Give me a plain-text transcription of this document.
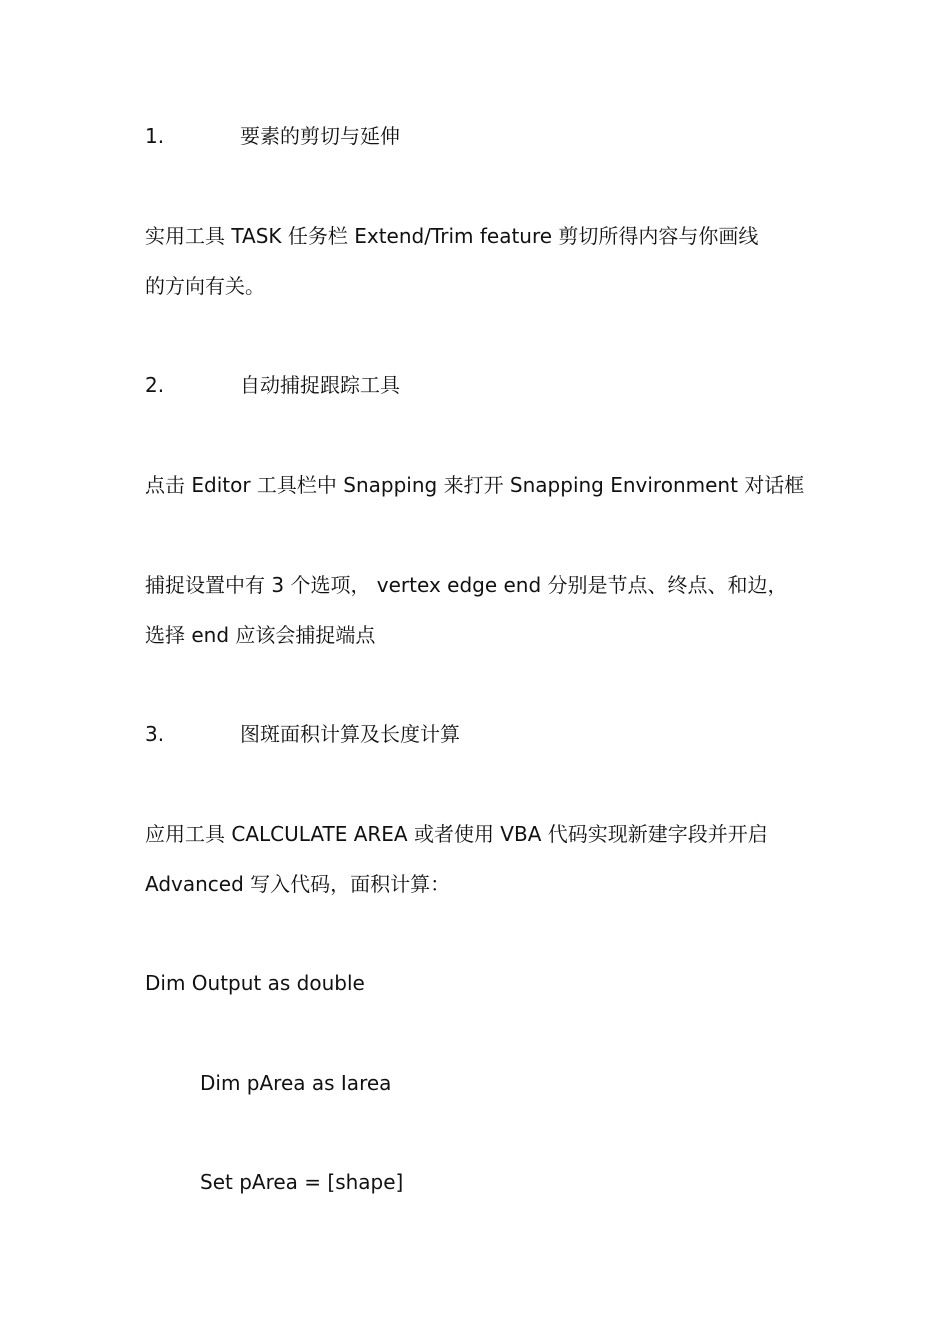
1.	要素的剪切与延伸

实用工具 TASK 任务栏 Extend/Trim feature 剪切所得内容与你画线

的方向有关。

2.	自动捕捉跟踪工具

点击 Editor 工具栏中 Snapping 来打开 Snapping Environment 对话框

捕捉设置中有 3 个选项， vertex edge end 分别是节点、终点、和边，

选择 end 应该会捕捉端点

3.	图斑面积计算及长度计算

应用工具 CALCULATE AREA 或者使用 VBA 代码实现新建字段并开启

Advanced 写入代码，面积计算：

Dim Output as double

Dim pArea as Iarea

Set pArea = [shape]
